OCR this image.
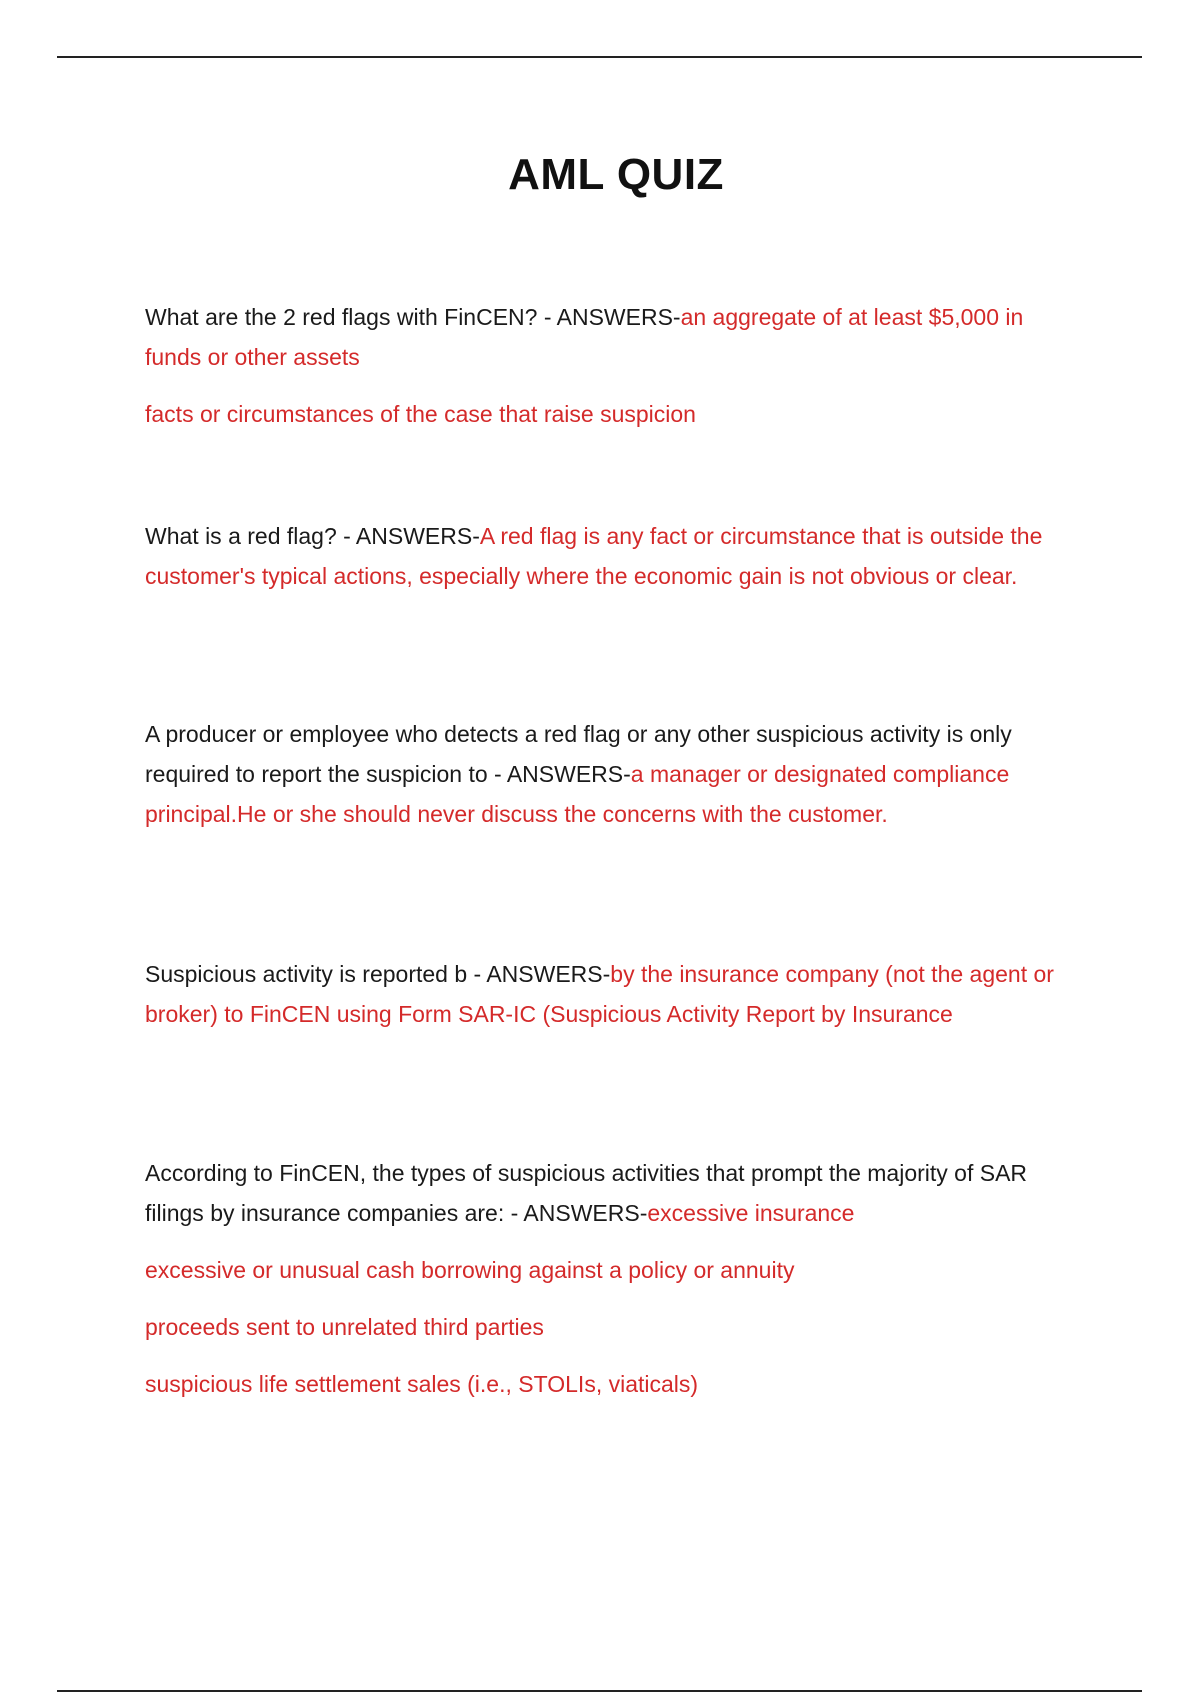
AML QUIZ

What are the 2 red flags with FinCEN? - ANSWERS-an aggregate of at least $5,000 in funds or other assets

facts or circumstances of the case that raise suspicion

What is a red flag? - ANSWERS-A red flag is any fact or circumstance that is outside the customer's typical actions, especially where the economic gain is not obvious or clear.

A producer or employee who detects a red flag or any other suspicious activity is only required to report the suspicion to - ANSWERS-a manager or designated compliance principal.He or she should never discuss the concerns with the customer.

Suspicious activity is reported b - ANSWERS-by the insurance company (not the agent or broker) to FinCEN using Form SAR-IC (Suspicious Activity Report by Insurance

According to FinCEN, the types of suspicious activities that prompt the majority of SAR filings by insurance companies are: - ANSWERS-excessive insurance

excessive or unusual cash borrowing against a policy or annuity

proceeds sent to unrelated third parties

suspicious life settlement sales (i.e., STOLIs, viaticals)
